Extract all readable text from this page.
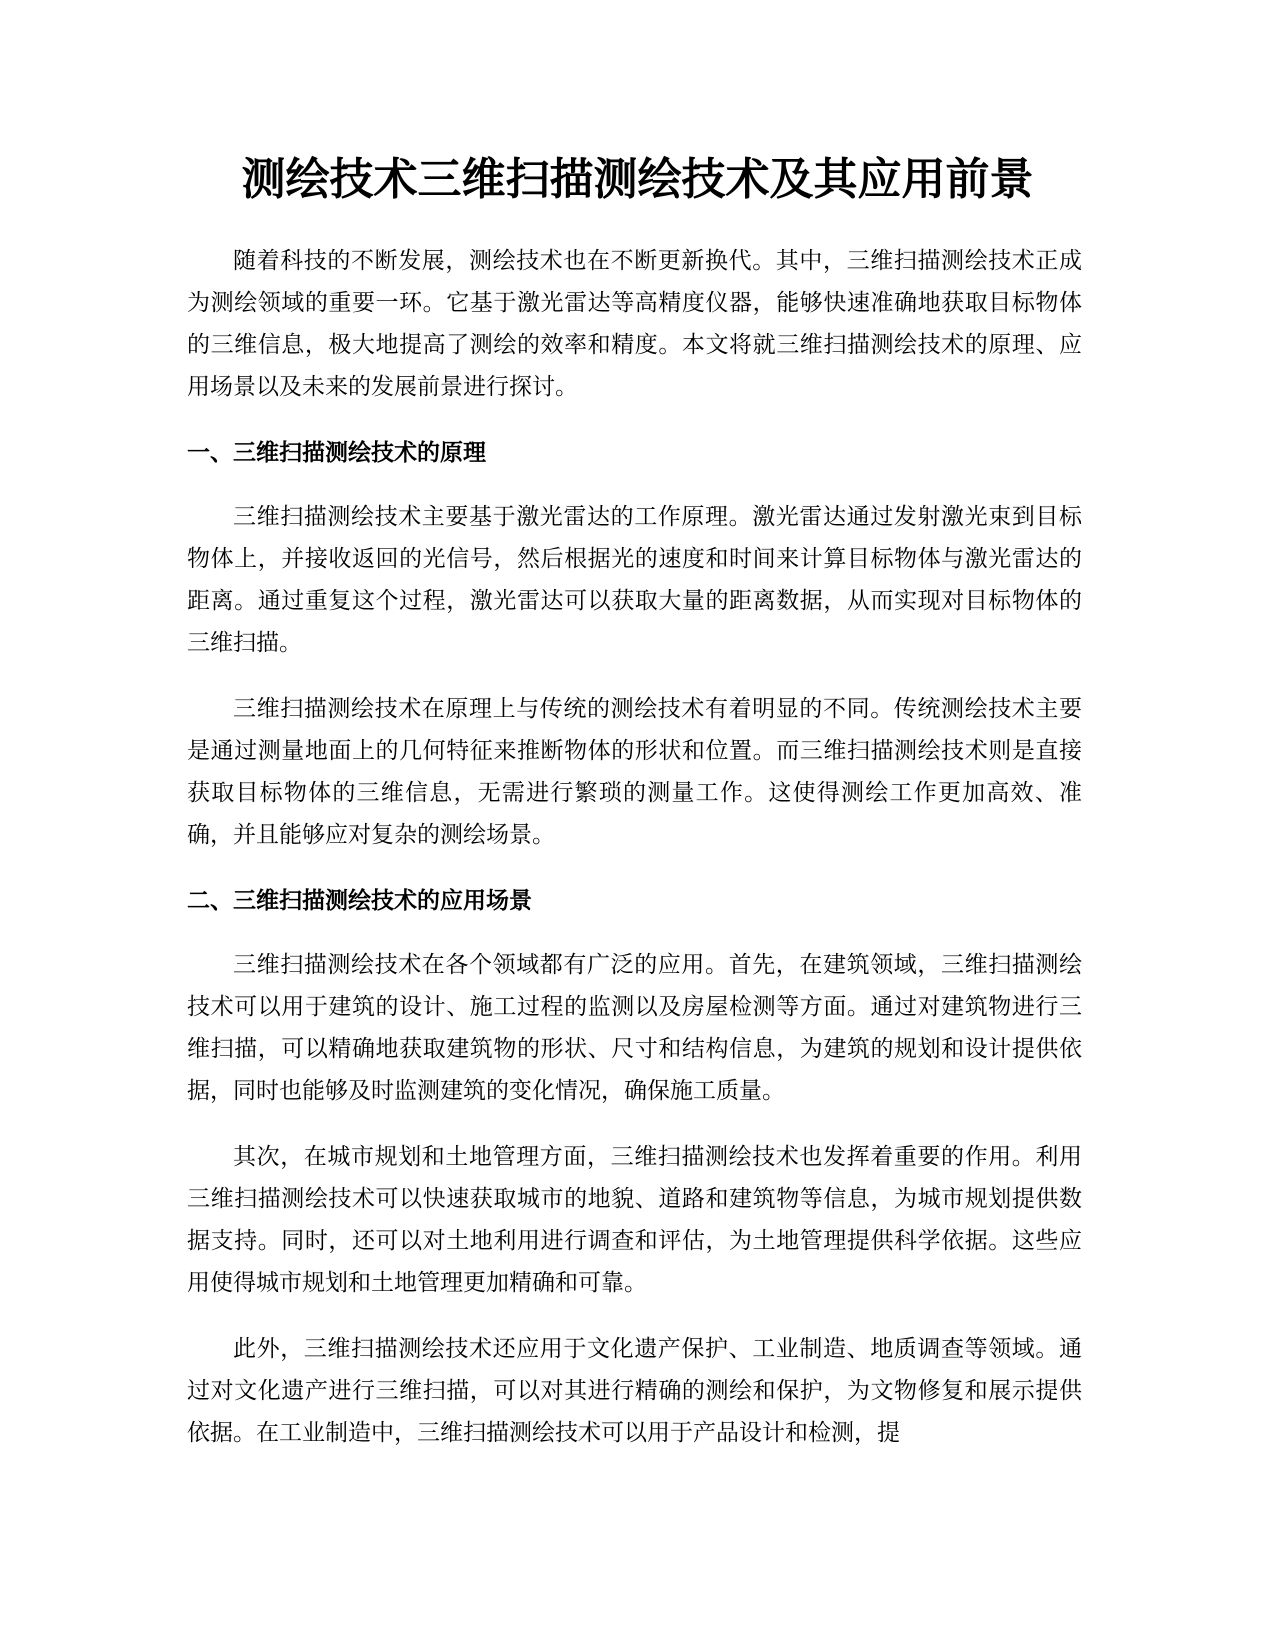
测绘技术三维扫描测绘技术及其应用前景

随着科技的不断发展，测绘技术也在不断更新换代。其中，三维扫描测绘技术正成为测绘领域的重要一环。它基于激光雷达等高精度仪器，能够快速准确地获取目标物体的三维信息，极大地提高了测绘的效率和精度。本文将就三维扫描测绘技术的原理、应用场景以及未来的发展前景进行探讨。

一、三维扫描测绘技术的原理

三维扫描测绘技术主要基于激光雷达的工作原理。激光雷达通过发射激光束到目标物体上，并接收返回的光信号，然后根据光的速度和时间来计算目标物体与激光雷达的距离。通过重复这个过程，激光雷达可以获取大量的距离数据，从而实现对目标物体的三维扫描。

三维扫描测绘技术在原理上与传统的测绘技术有着明显的不同。传统测绘技术主要是通过测量地面上的几何特征来推断物体的形状和位置。而三维扫描测绘技术则是直接获取目标物体的三维信息，无需进行繁琐的测量工作。这使得测绘工作更加高效、准确，并且能够应对复杂的测绘场景。

二、三维扫描测绘技术的应用场景

三维扫描测绘技术在各个领域都有广泛的应用。首先，在建筑领域，三维扫描测绘技术可以用于建筑的设计、施工过程的监测以及房屋检测等方面。通过对建筑物进行三维扫描，可以精确地获取建筑物的形状、尺寸和结构信息，为建筑的规划和设计提供依据，同时也能够及时监测建筑的变化情况，确保施工质量。

其次，在城市规划和土地管理方面，三维扫描测绘技术也发挥着重要的作用。利用三维扫描测绘技术可以快速获取城市的地貌、道路和建筑物等信息，为城市规划提供数据支持。同时，还可以对土地利用进行调查和评估，为土地管理提供科学依据。这些应用使得城市规划和土地管理更加精确和可靠。

此外，三维扫描测绘技术还应用于文化遗产保护、工业制造、地质调查等领域。通过对文化遗产进行三维扫描，可以对其进行精确的测绘和保护，为文物修复和展示提供依据。在工业制造中，三维扫描测绘技术可以用于产品设计和检测，提
